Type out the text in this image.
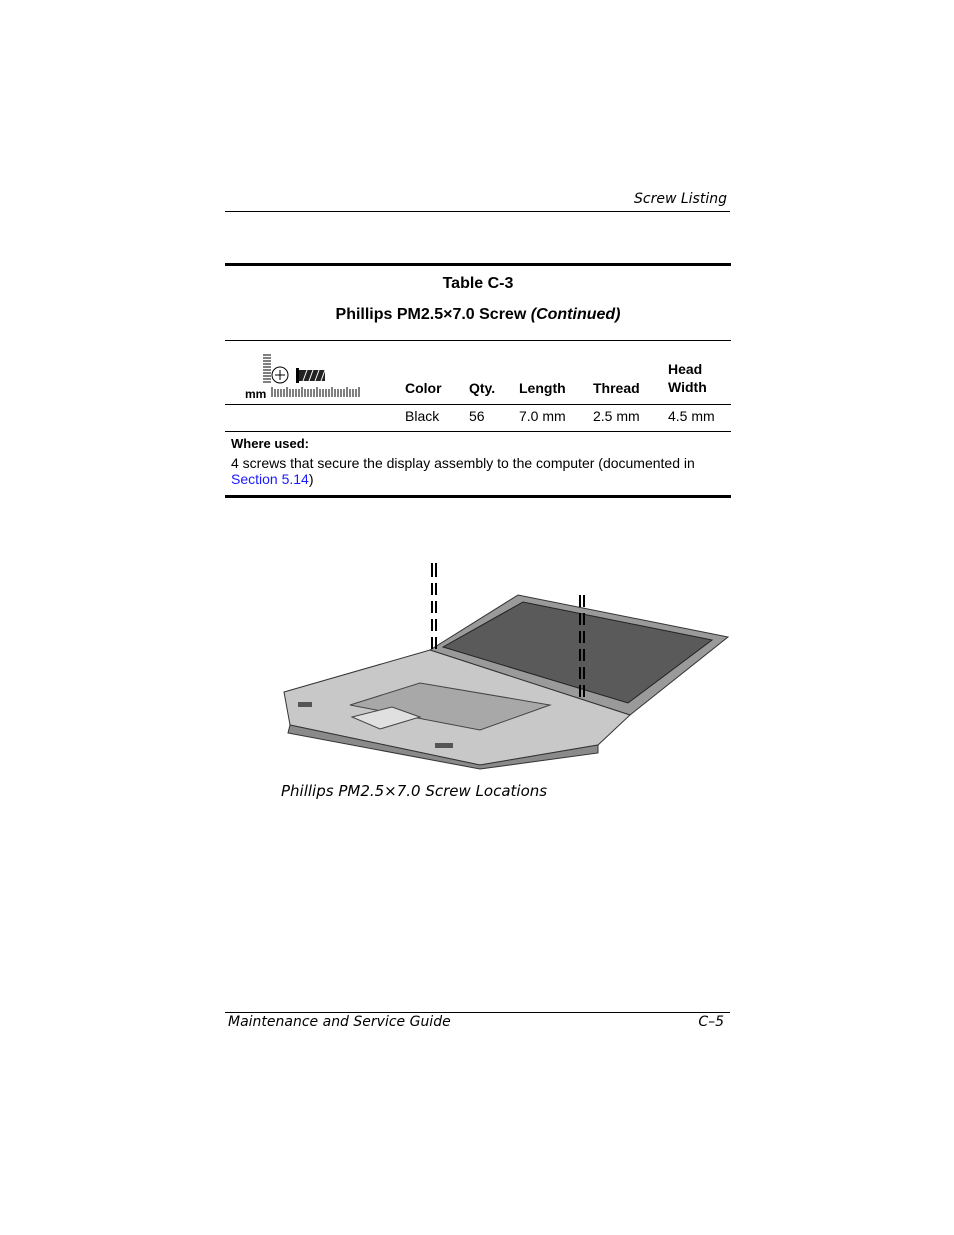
Screw Listing
Table C-3
Phillips PM2.5×7.0 Screw (Continued)
mm	Color Qty. Length Thread
Head
Width
Black 56 7.0 mm 2.5 mm 4.5 mm
Where used:
4 screws that secure the display assembly to the computer (documented in Section 5.14)
Phillips PM2.5×7.0 Screw Locations
Maintenance and Service Guide	C–5
